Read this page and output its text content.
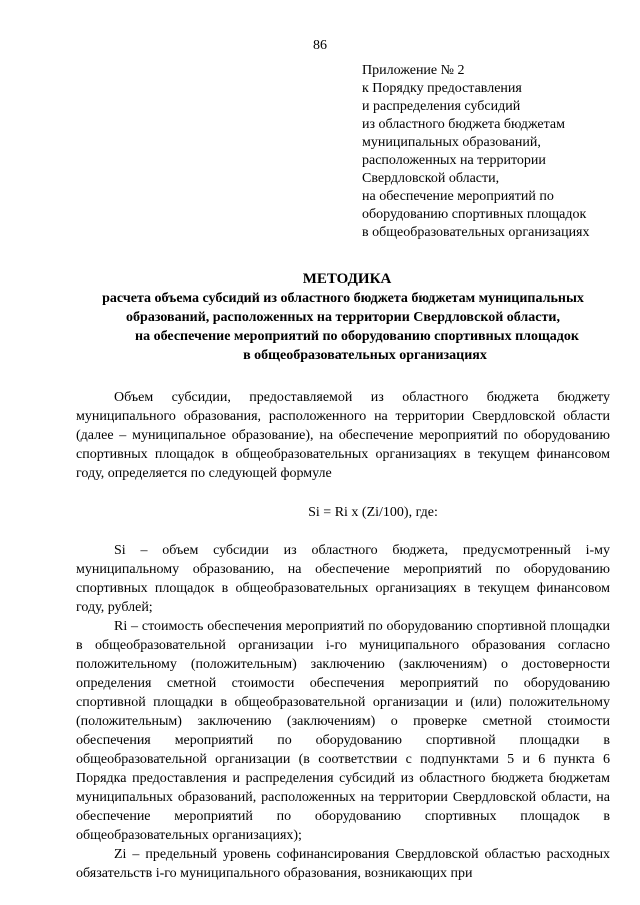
86
Приложение № 2
к Порядку предоставления
и распределения субсидий
из областного бюджета бюджетам
муниципальных образований,
расположенных на территории
Свердловской области,
на обеспечение мероприятий по
оборудованию спортивных площадок
в общеобразовательных организациях
МЕТОДИКА
расчета объема субсидий из областного бюджета бюджетам муниципальных
образований, расположенных на территории Свердловской области,
на обеспечение мероприятий по оборудованию спортивных площадок
в общеобразовательных организациях

Объем субсидии, предоставляемой из областного бюджета бюджету муниципального образования, расположенного на территории Свердловской области (далее – муниципальное образование), на обеспечение мероприятий по оборудованию спортивных площадок в общеобразовательных организациях в текущем финансовом году, определяется по следующей формуле

Si = Ri x (Zi/100), где:

Si – объем субсидии из областного бюджета, предусмотренный i-му муниципальному образованию, на обеспечение мероприятий по оборудованию спортивных площадок в общеобразовательных организациях в текущем финансовом году, рублей;

Ri – стоимость обеспечения мероприятий по оборудованию спортивной площадки в общеобразовательной организации i-го муниципального образования согласно положительному (положительным) заключению (заключениям) о достоверности определения сметной стоимости обеспечения мероприятий по оборудованию спортивной площадки в общеобразовательной организации и (или) положительному (положительным) заключению (заключениям) о проверке сметной стоимости обеспечения мероприятий по оборудованию спортивной площадки в общеобразовательной организации (в соответствии с подпунктами 5 и 6 пункта 6 Порядка предоставления и распределения субсидий из областного бюджета бюджетам муниципальных образований, расположенных на территории Свердловской области, на обеспечение мероприятий по оборудованию спортивных площадок в общеобразовательных организациях);

Zi – предельный уровень софинансирования Свердловской областью расходных обязательств i-го муниципального образования, возникающих при
